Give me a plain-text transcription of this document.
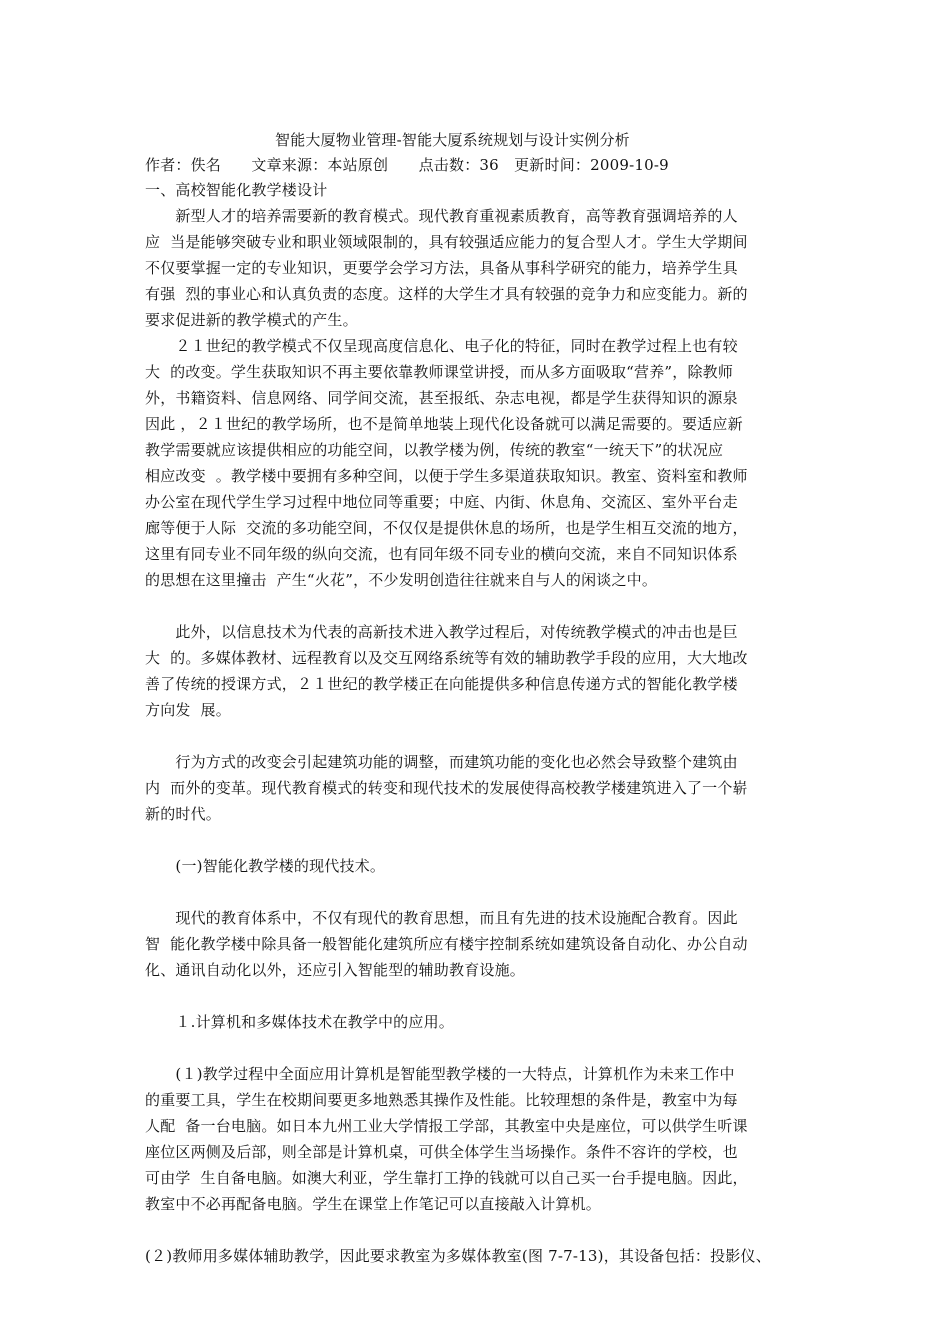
智能大厦物业管理-智能大厦系统规划与设计实例分析
作者：佚名　　文章来源：本站原创　　点击数：36　更新时间：2009-10-9
一、高校智能化教学楼设计
　　新型人才的培养需要新的教育模式。现代教育重视素质教育，高等教育强调培养的人
应  当是能够突破专业和职业领域限制的，具有较强适应能力的复合型人才。学生大学期间
不仅要掌握一定的专业知识，更要学会学习方法，具备从事科学研究的能力，培养学生具
有强  烈的事业心和认真负责的态度。这样的大学生才具有较强的竞争力和应变能力。新的
要求促进新的教学模式的产生。
　　２１世纪的教学模式不仅呈现高度信息化、电子化的特征，同时在教学过程上也有较
大  的改变。学生获取知识不再主要依靠教师课堂讲授，而从多方面吸取“营养”，除教师
外，书籍资料、信息网络、同学间交流，甚至报纸、杂志电视，都是学生获得知识的源泉
因此 ，２１世纪的教学场所，也不是简单地装上现代化设备就可以满足需要的。要适应新
教学需要就应该提供相应的功能空间，以教学楼为例，传统的教室“一统天下”的状况应
相应改变  。教学楼中要拥有多种空间，以便于学生多渠道获取知识。教室、资料室和教师
办公室在现代学生学习过程中地位同等重要；中庭、内街、休息角、交流区、室外平台走
廊等便于人际  交流的多功能空间，不仅仅是提供休息的场所，也是学生相互交流的地方，
这里有同专业不同年级的纵向交流，也有同年级不同专业的横向交流，来自不同知识体系
的思想在这里撞击  产生“火花”，不少发明创造往往就来自与人的闲谈之中。
　　此外，以信息技术为代表的高新技术进入教学过程后，对传统教学模式的冲击也是巨
大  的。多媒体教材、远程教育以及交互网络系统等有效的辅助教学手段的应用，大大地改
善了传统的授课方式，２１世纪的教学楼正在向能提供多种信息传递方式的智能化教学楼
方向发  展。
　　行为方式的改变会引起建筑功能的调整，而建筑功能的变化也必然会导致整个建筑由
内  而外的变革。现代教育模式的转变和现代技术的发展使得高校教学楼建筑进入了一个崭
新的时代。
　　(一)智能化教学楼的现代技术。
　　现代的教育体系中，不仅有现代的教育思想，而且有先进的技术设施配合教育。因此
智  能化教学楼中除具备一般智能化建筑所应有楼宇控制系统如建筑设备自动化、办公自动
化、通讯自动化以外，还应引入智能型的辅助教育设施。
　　１.计算机和多媒体技术在教学中的应用。
　　(１)教学过程中全面应用计算机是智能型教学楼的一大特点，计算机作为未来工作中
的重要工具，学生在校期间要更多地熟悉其操作及性能。比较理想的条件是，教室中为每
人配  备一台电脑。如日本九州工业大学情报工学部，其教室中央是座位，可以供学生听课
座位区两侧及后部，则全部是计算机桌，可供全体学生当场操作。条件不容许的学校，也
可由学  生自备电脑。如澳大利亚，学生靠打工挣的钱就可以自己买一台手提电脑。因此，
教室中不必再配备电脑。学生在课堂上作笔记可以直接敲入计算机。
(２)教师用多媒体辅助教学，因此要求教室为多媒体教室(图 7-7-13)，其设备包括：投影仪、
